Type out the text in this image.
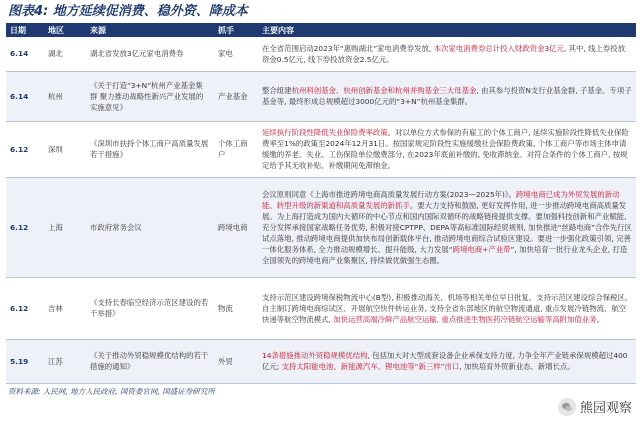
图表4: 地方延续促消费、稳外资、降成本
日期	地区	来源	抓手	主要内容
6.14	湖北	湖北省发放3亿元家电消费券	家电	在全省范围启动2023年“惠购湖北”家电消费券发放, 本次家电消费券总计投入财政资金3亿元, 其中, 线上券投放资金0.5亿元, 线下券投放资金2.5亿元。
6.14	杭州	《关于打造“3+N”杭州产业基金集群 聚力推动战略性新兴产业发展的实施意见》	产业基金	整合组建杭州科创基金、杭州创新基金和杭州并购基金三大母基金, 由其参与投资N支行业基金群, 子基金、专项子基金等, 最终形成总规模超过3000亿元的“3+N”杭州基金集群。
6.12	深圳	《深圳市扶持个体工商户高质量发展若干措施》	个体工商户	延续执行阶段性降低失业保险费率政策。对以单位方式参保的有雇工的个体工商户, 延续实施阶段性降低失业保险费率至1%的政策至2024年12月31日。按国家规定阶段性实施缓缴社会保险费政策, 个体工商户等市场主体申请缓缴的养老、失业、工伤保险单位缴费部分, 在2023年底前补缴的, 免收滞纳金。对符合条件的个体工商户, 按规定给予其无收补贴、补缴期间免滞纳金。
6.12	上海	市政府常务会议	跨境电商	会议原则同意《上海市推进跨境电商高质量发展行动方案(2023—2025年)》。跨境电商已成为外贸发展的新动能、转型升级的新渠道和高质量发展的新抓手。要大力支持和鼓励, 更好发挥作用, 进一步推动跨境电商高质量发展。为上海打造成为国内大循环的中心节点和国内国际双循环的战略链接提供支撑。要加强科技创新和产业赋能, 充分发挥承接国家战略任务优势, 积极对接CPTPP、DEPA等高标准国际经贸规则, 加快推进“丝路电商”合作先行区试点落地, 推动跨境电商提供加快布局创新载体平台, 推动跨境电商综合试验区建设。要进一步强化政策引领, 完善一体化服务体系, 全力推动规模增长、提升能级, 大力发展“跨境电商+产业带”, 加快培育一批行业龙头企业, 打造全国领先的跨境电商产业集聚区, 持续做优做强生态圈。
6.12	吉林	《支持长春临空经济示范区建设的若干举措》	物流	支持示范区建设跨境保税物流中心(B型), 积极推动海关、机场等相关单位早日批复。支持示范区建设综合保税区, 自主制订跨境电商综试区、开展航空快件转运业务, 支持全省东部地区的航空物流通道, 重点发展冷链物流、航空快递等航空物流模式, 加快运营高端冷鲜产品航空运输, 重点推进生物医药冷链航空运输等高附加值业务。
5.19	江苏	《关于推动外贸稳规模优结构的若干措施的通知》	外贸	14条措施推动外贸稳规模优结构, 包括加大对大型成套设备企业承保支持力度, 力争全年产业链承保规模超过400亿元; 支持太阳能电池、新能源汽车、锂电池等“新三样”出口, 加快培育外贸新业态、新增长点。
资料来源: 人民网, 地方人民政府, 国资委官网, 国盛证券研究所
熊园观察
